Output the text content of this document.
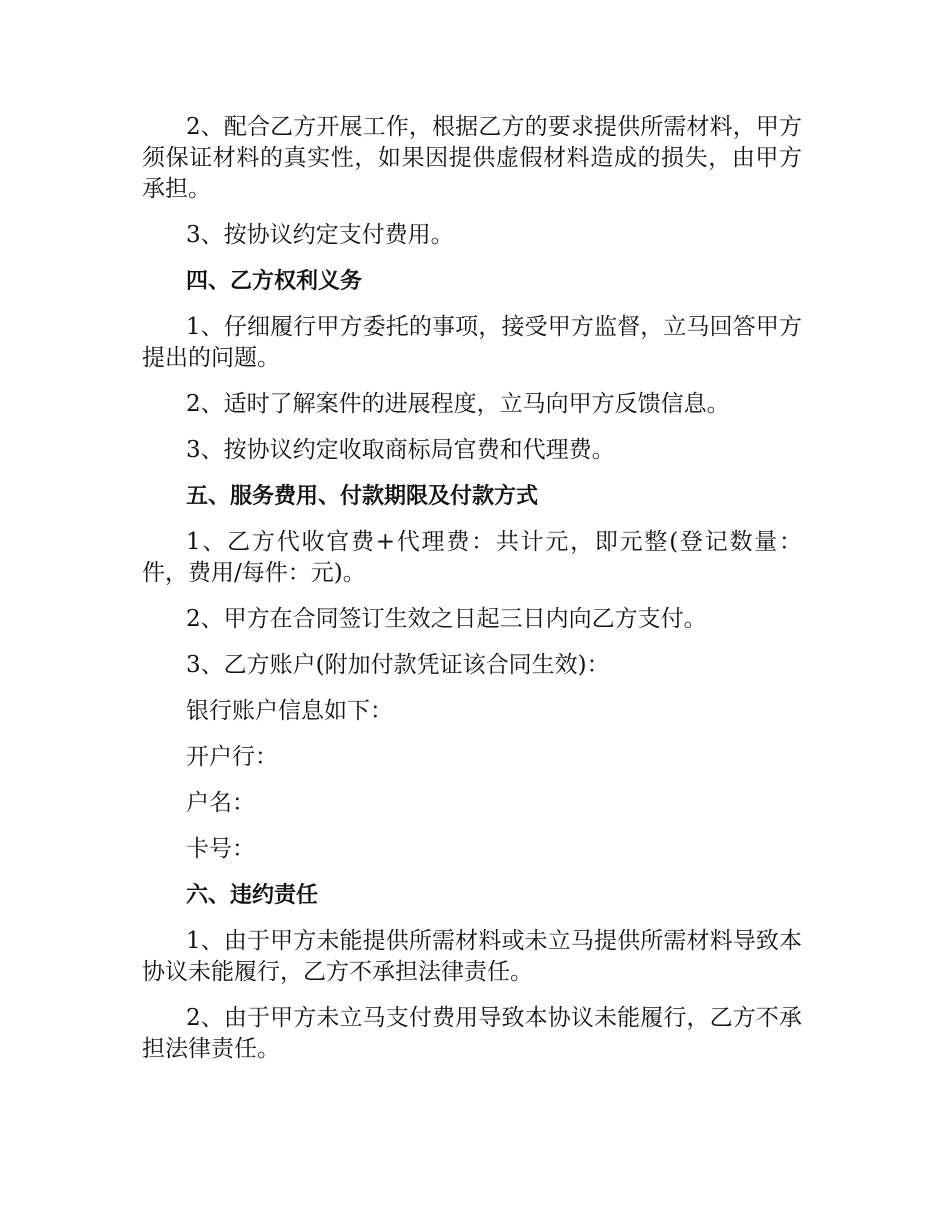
2、配合乙方开展工作，根据乙方的要求提供所需材料，甲方须保证材料的真实性，如果因提供虚假材料造成的损失，由甲方承担。

3、按协议约定支付费用。

四、乙方权利义务

1、仔细履行甲方委托的事项，接受甲方监督，立马回答甲方提出的问题。

2、适时了解案件的进展程度，立马向甲方反馈信息。

3、按协议约定收取商标局官费和代理费。

五、服务费用、付款期限及付款方式

1、乙方代收官费+代理费：共计元，即元整(登记数量：件，费用/每件：元)。

2、甲方在合同签订生效之日起三日内向乙方支付。

3、乙方账户(附加付款凭证该合同生效)：

银行账户信息如下：

开户行：

户名：

卡号：

六、违约责任

1、由于甲方未能提供所需材料或未立马提供所需材料导致本协议未能履行，乙方不承担法律责任。

2、由于甲方未立马支付费用导致本协议未能履行，乙方不承担法律责任。
